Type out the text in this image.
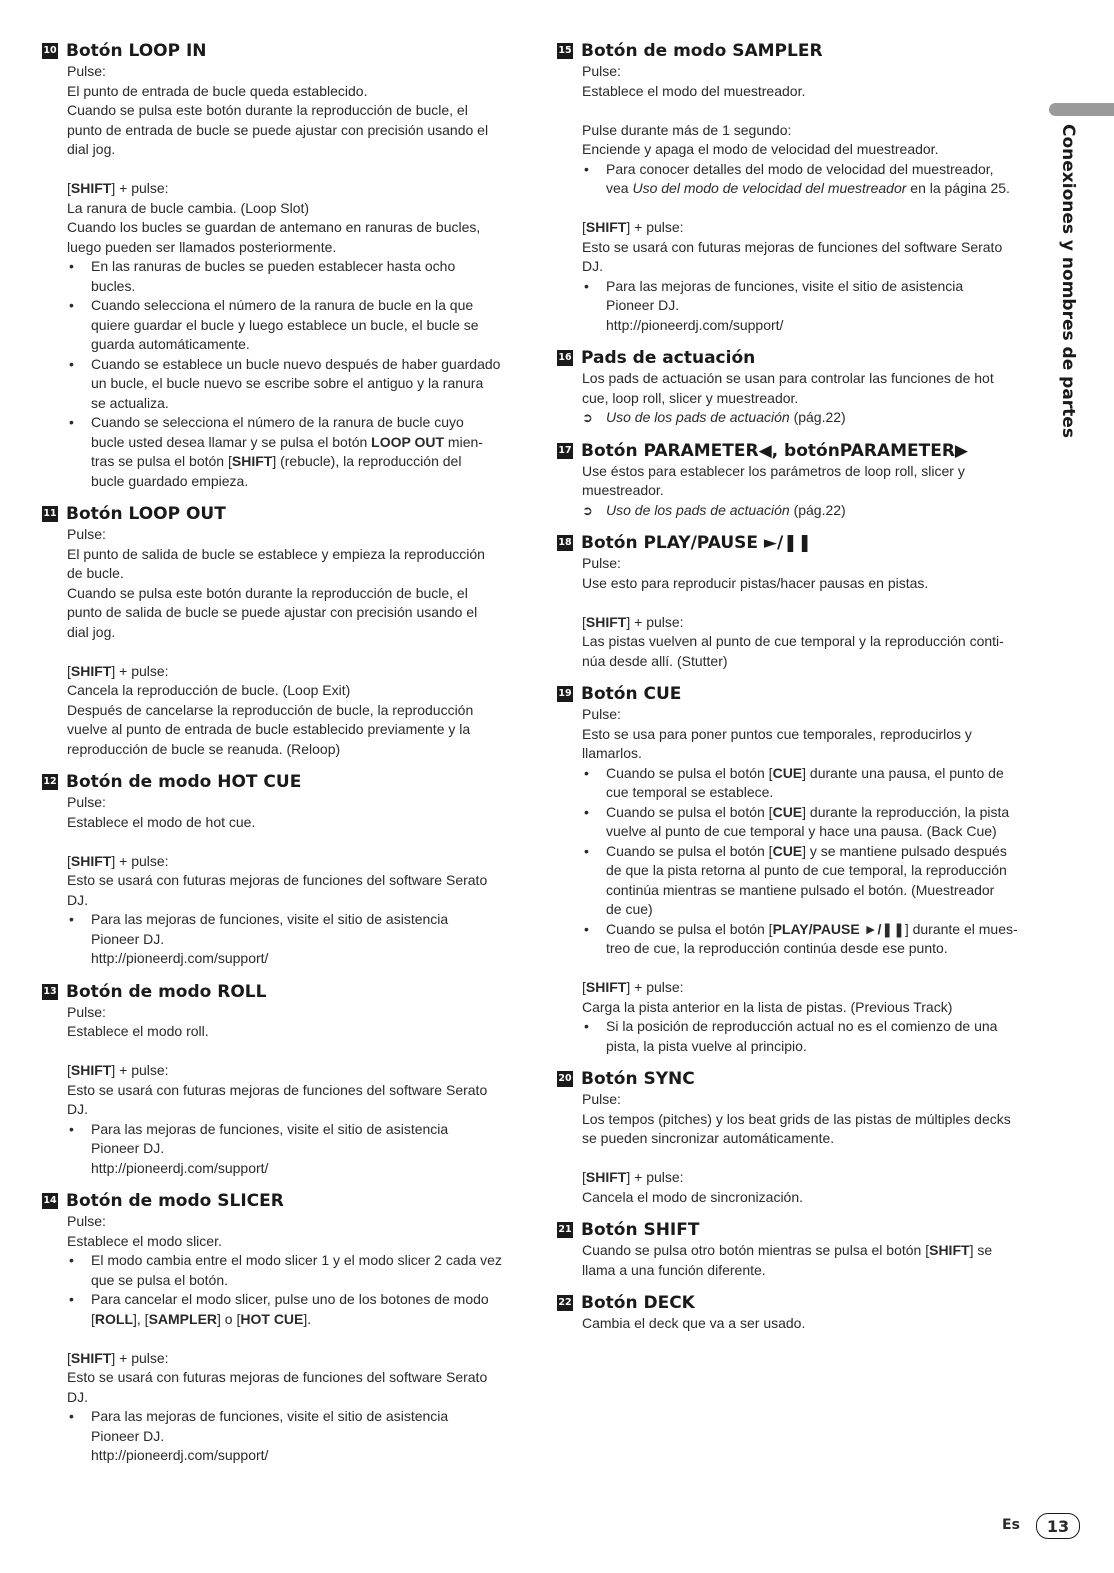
10 Botón LOOP IN
Pulse:
El punto de entrada de bucle queda establecido.
Cuando se pulsa este botón durante la reproducción de bucle, el
punto de entrada de bucle se puede ajustar con precisión usando el
dial jog.
[SHIFT] + pulse:
La ranura de bucle cambia. (Loop Slot)
Cuando los bucles se guardan de antemano en ranuras de bucles,
luego pueden ser llamados posteriormente.
• En las ranuras de bucles se pueden establecer hasta ocho
bucles.
• Cuando selecciona el número de la ranura de bucle en la que
quiere guardar el bucle y luego establece un bucle, el bucle se
guarda automáticamente.
• Cuando se establece un bucle nuevo después de haber guardado
un bucle, el bucle nuevo se escribe sobre el antiguo y la ranura
se actualiza.
• Cuando se selecciona el número de la ranura de bucle cuyo
bucle usted desea llamar y se pulsa el botón LOOP OUT mien-
tras se pulsa el botón [SHIFT] (rebucle), la reproducción del
bucle guardado empieza.
11 Botón LOOP OUT
Pulse:
El punto de salida de bucle se establece y empieza la reproducción
de bucle.
Cuando se pulsa este botón durante la reproducción de bucle, el
punto de salida de bucle se puede ajustar con precisión usando el
dial jog.
[SHIFT] + pulse:
Cancela la reproducción de bucle. (Loop Exit)
Después de cancelarse la reproducción de bucle, la reproducción
vuelve al punto de entrada de bucle establecido previamente y la
reproducción de bucle se reanuda. (Reloop)
12 Botón de modo HOT CUE
Pulse:
Establece el modo de hot cue.
[SHIFT] + pulse:
Esto se usará con futuras mejoras de funciones del software Serato
DJ.
• Para las mejoras de funciones, visite el sitio de asistencia
Pioneer DJ.
http://pioneerdj.com/support/
13 Botón de modo ROLL
Pulse:
Establece el modo roll.
[SHIFT] + pulse:
Esto se usará con futuras mejoras de funciones del software Serato
DJ.
• Para las mejoras de funciones, visite el sitio de asistencia
Pioneer DJ.
http://pioneerdj.com/support/
14 Botón de modo SLICER
Pulse:
Establece el modo slicer.
• El modo cambia entre el modo slicer 1 y el modo slicer 2 cada vez
que se pulsa el botón.
• Para cancelar el modo slicer, pulse uno de los botones de modo
[ROLL], [SAMPLER] o [HOT CUE].
[SHIFT] + pulse:
Esto se usará con futuras mejoras de funciones del software Serato
DJ.
• Para las mejoras de funciones, visite el sitio de asistencia
Pioneer DJ.
http://pioneerdj.com/support/
15 Botón de modo SAMPLER
Pulse:
Establece el modo del muestreador.
Pulse durante más de 1 segundo:
Enciende y apaga el modo de velocidad del muestreador.
• Para conocer detalles del modo de velocidad del muestreador,
vea Uso del modo de velocidad del muestreador en la página 25.
[SHIFT] + pulse:
Esto se usará con futuras mejoras de funciones del software Serato
DJ.
• Para las mejoras de funciones, visite el sitio de asistencia
Pioneer DJ.
http://pioneerdj.com/support/
16 Pads de actuación
Los pads de actuación se usan para controlar las funciones de hot
cue, loop roll, slicer y muestreador.
➲ Uso de los pads de actuación (pág.22)
17 Botón PARAMETER◀, botónPARAMETER▶
Use éstos para establecer los parámetros de loop roll, slicer y
muestreador.
➲ Uso de los pads de actuación (pág.22)
18 Botón PLAY/PAUSE ►/❚❚
Pulse:
Use esto para reproducir pistas/hacer pausas en pistas.
[SHIFT] + pulse:
Las pistas vuelven al punto de cue temporal y la reproducción conti-
núa desde allí. (Stutter)
19 Botón CUE
Pulse:
Esto se usa para poner puntos cue temporales, reproducirlos y
llamarlos.
• Cuando se pulsa el botón [CUE] durante una pausa, el punto de
cue temporal se establece.
• Cuando se pulsa el botón [CUE] durante la reproducción, la pista
vuelve al punto de cue temporal y hace una pausa. (Back Cue)
• Cuando se pulsa el botón [CUE] y se mantiene pulsado después
de que la pista retorna al punto de cue temporal, la reproducción
continúa mientras se mantiene pulsado el botón. (Muestreador
de cue)
• Cuando se pulsa el botón [PLAY/PAUSE ►/❚❚] durante el mues-
treo de cue, la reproducción continúa desde ese punto.
[SHIFT] + pulse:
Carga la pista anterior en la lista de pistas. (Previous Track)
• Si la posición de reproducción actual no es el comienzo de una
pista, la pista vuelve al principio.
20 Botón SYNC
Pulse:
Los tempos (pitches) y los beat grids de las pistas de múltiples decks
se pueden sincronizar automáticamente.
[SHIFT] + pulse:
Cancela el modo de sincronización.
21 Botón SHIFT
Cuando se pulsa otro botón mientras se pulsa el botón [SHIFT] se
llama a una función diferente.
22 Botón DECK
Cambia el deck que va a ser usado.
Conexiones y nombres de partes
Es	13
